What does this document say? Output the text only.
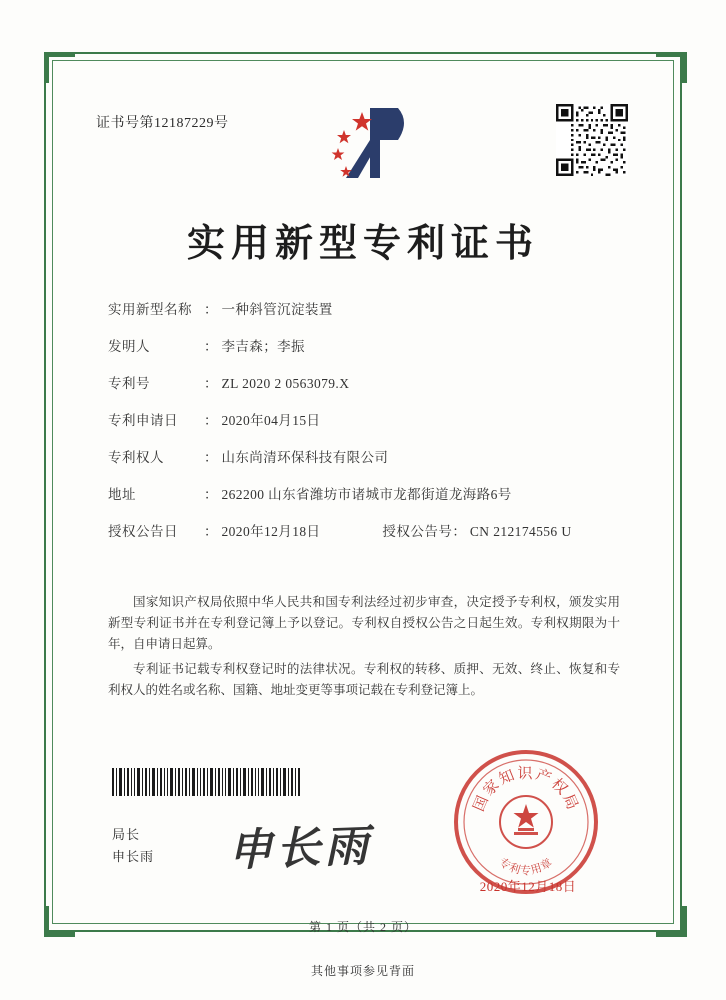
证书号第12187229号
实用新型专利证书
实用新型名称 ： 一种斜管沉淀装置
发明人	： 李吉森；李振
专利号	： ZL 2020 2 0563079.X
专利申请日	： 2020年04月15日
专利权人	： 山东尚清环保科技有限公司
地址	： 262200 山东省潍坊市诸城市龙都街道龙海路6号
授权公告日	： 2020年12月18日	授权公告号 ： CN 212174556 U

国家知识产权局依照中华人民共和国专利法经过初步审查，决定授予专利权，颁发实用新型专利证书并在专利登记簿上予以登记。专利权自授权公告之日起生效。专利权期限为十年，自申请日起算。

专利证书记载专利权登记时的法律状况。专利权的转移、质押、无效、终止、恢复和专利权人的姓名或名称、国籍、地址变更等事项记载在专利登记簿上。

局长
申长雨 申长雨
国家知识产权局
专利专用章
2020年12月18日
第 1 页（共 2 页）
其他事项参见背面
